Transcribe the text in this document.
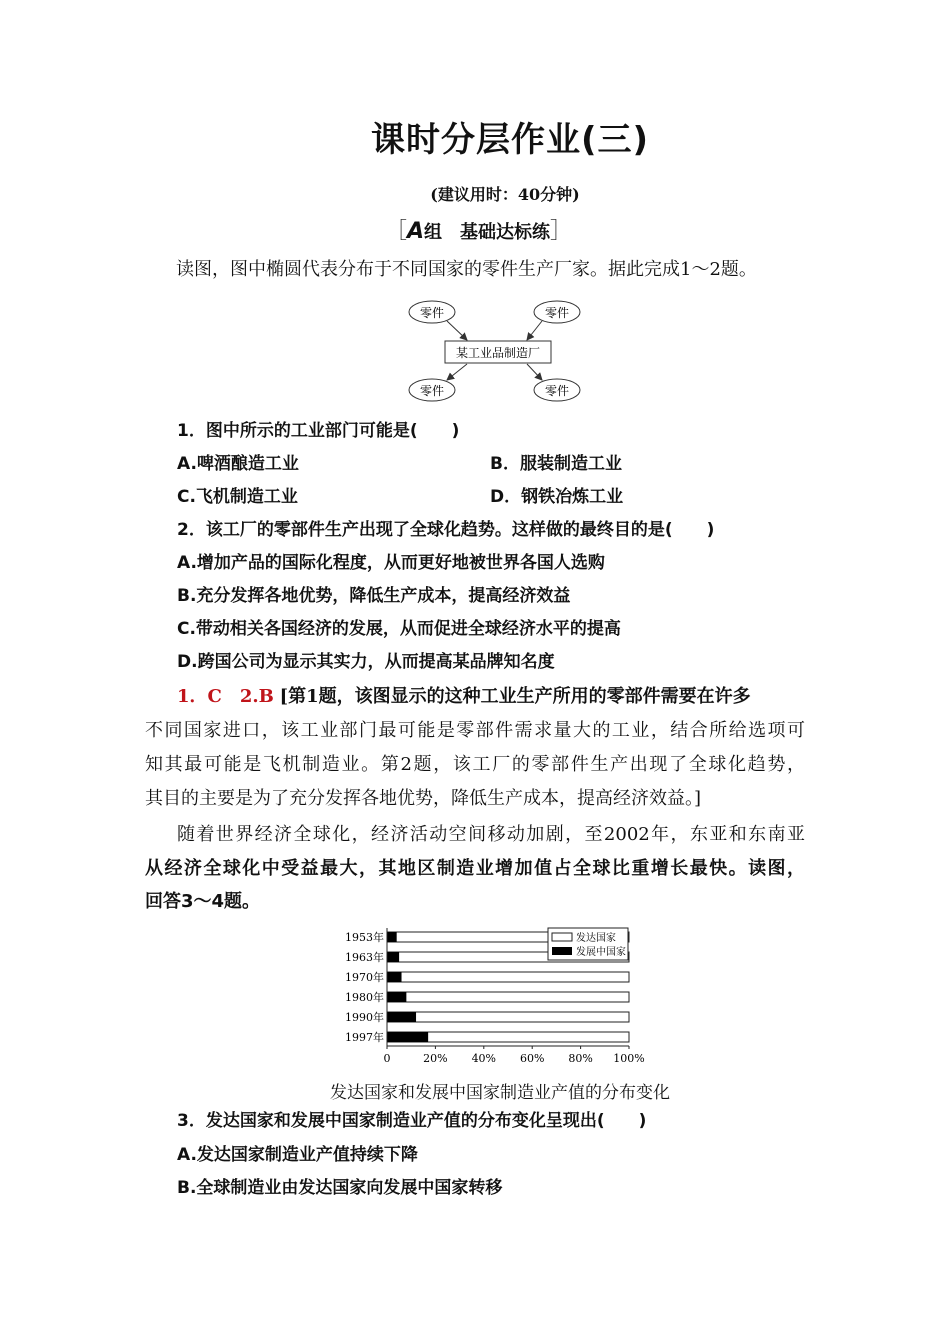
课时分层作业(三)
(建议用时：40分钟)
［A组　基础达标练］
读图，图中椭圆代表分布于不同国家的零件生产厂家。据此完成1～2题。
零件	零件
零件	零件
某工业品制造厂
1．图中所示的工业部门可能是(　　)
A.啤酒酿造工业	B．服装制造工业
C.飞机制造工业	D．钢铁冶炼工业
2．该工厂的零部件生产出现了全球化趋势。这样做的最终目的是(　　)
A.增加产品的国际化程度，从而更好地被世界各国人选购
B.充分发挥各地优势，降低生产成本，提高经济效益
C.带动相关各国经济的发展，从而促进全球经济水平的提高
D.跨国公司为显示其实力，从而提高某品牌知名度
1．C　2.B [第1题，该图显示的这种工业生产所用的零部件需要在许多
不同国家进口，该工业部门最可能是零部件需求量大的工业，结合所给选项可
知其最可能是飞机制造业。第2题，该工厂的零部件生产出现了全球化趋势，
其目的主要是为了充分发挥各地优势，降低生产成本，提高经济效益。]
随着世界经济全球化，经济活动空间移动加剧，至2002年，东亚和东南亚
从经济全球化中受益最大，其地区制造业增加值占全球比重增长最快。读图，
回答3～4题。
1953年
1963年
1970年
1980年
1990年
1997年
0	20% 40% 60% 80% 100%
发达国家
发展中国家
发达国家和发展中国家制造业产值的分布变化
3．发达国家和发展中国家制造业产值的分布变化呈现出(　　)
A.发达国家制造业产值持续下降
B.全球制造业由发达国家向发展中国家转移
